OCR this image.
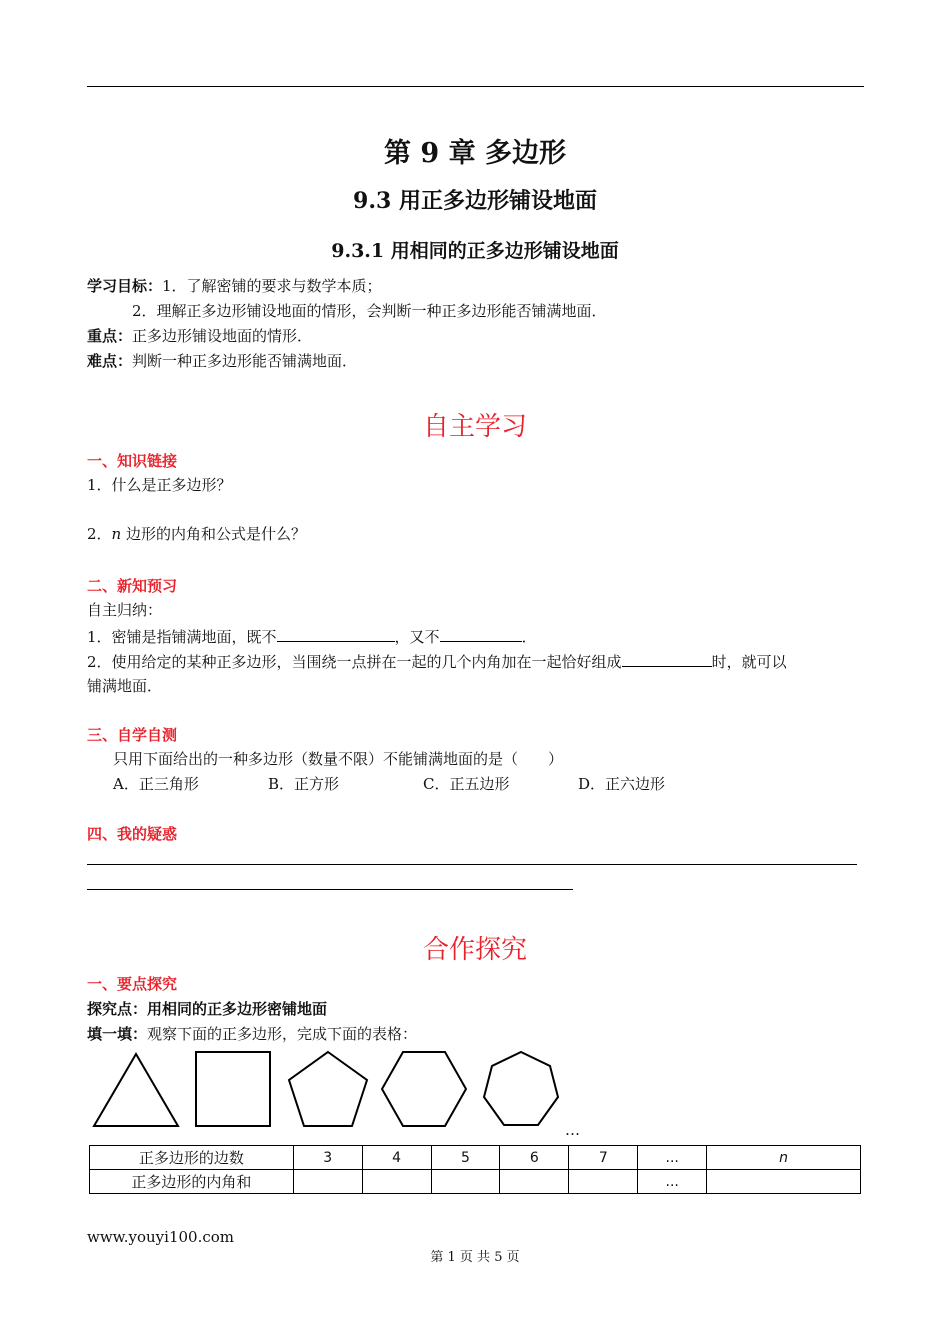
第 9 章 多边形
9.3 用正多边形铺设地面
9.3.1 用相同的正多边形铺设地面
学习目标：1．了解密铺的要求与数学本质；
2．理解正多边形铺设地面的情形，会判断一种正多边形能否铺满地面．
重点：正多边形铺设地面的情形．
难点：判断一种正多边形能否铺满地面．
自主学习
一、知识链接
1．什么是正多边形？
2．n 边形的内角和公式是什么？
二、新知预习
自主归纳：
1．密铺是指铺满地面，既不	，又不	．
2．使用给定的某种正多边形，当围绕一点拼在一起的几个内角加在一起恰好组成	时，就可以
铺满地面．
三、自学自测
只用下面给出的一种多边形（数量不限）不能铺满地面的是（　　）
A．正三角形	B．正方形	C．正五边形	D．正六边形
四、我的疑惑
合作探究
一、要点探究
探究点：用相同的正多边形密铺地面
填一填：观察下面的正多边形，完成下面的表格：
…
正多边形的边数	3	4	5	6	7	...	n
正多边形的内角和						...	
www.youyi100.com
第 1 页 共 5 页
